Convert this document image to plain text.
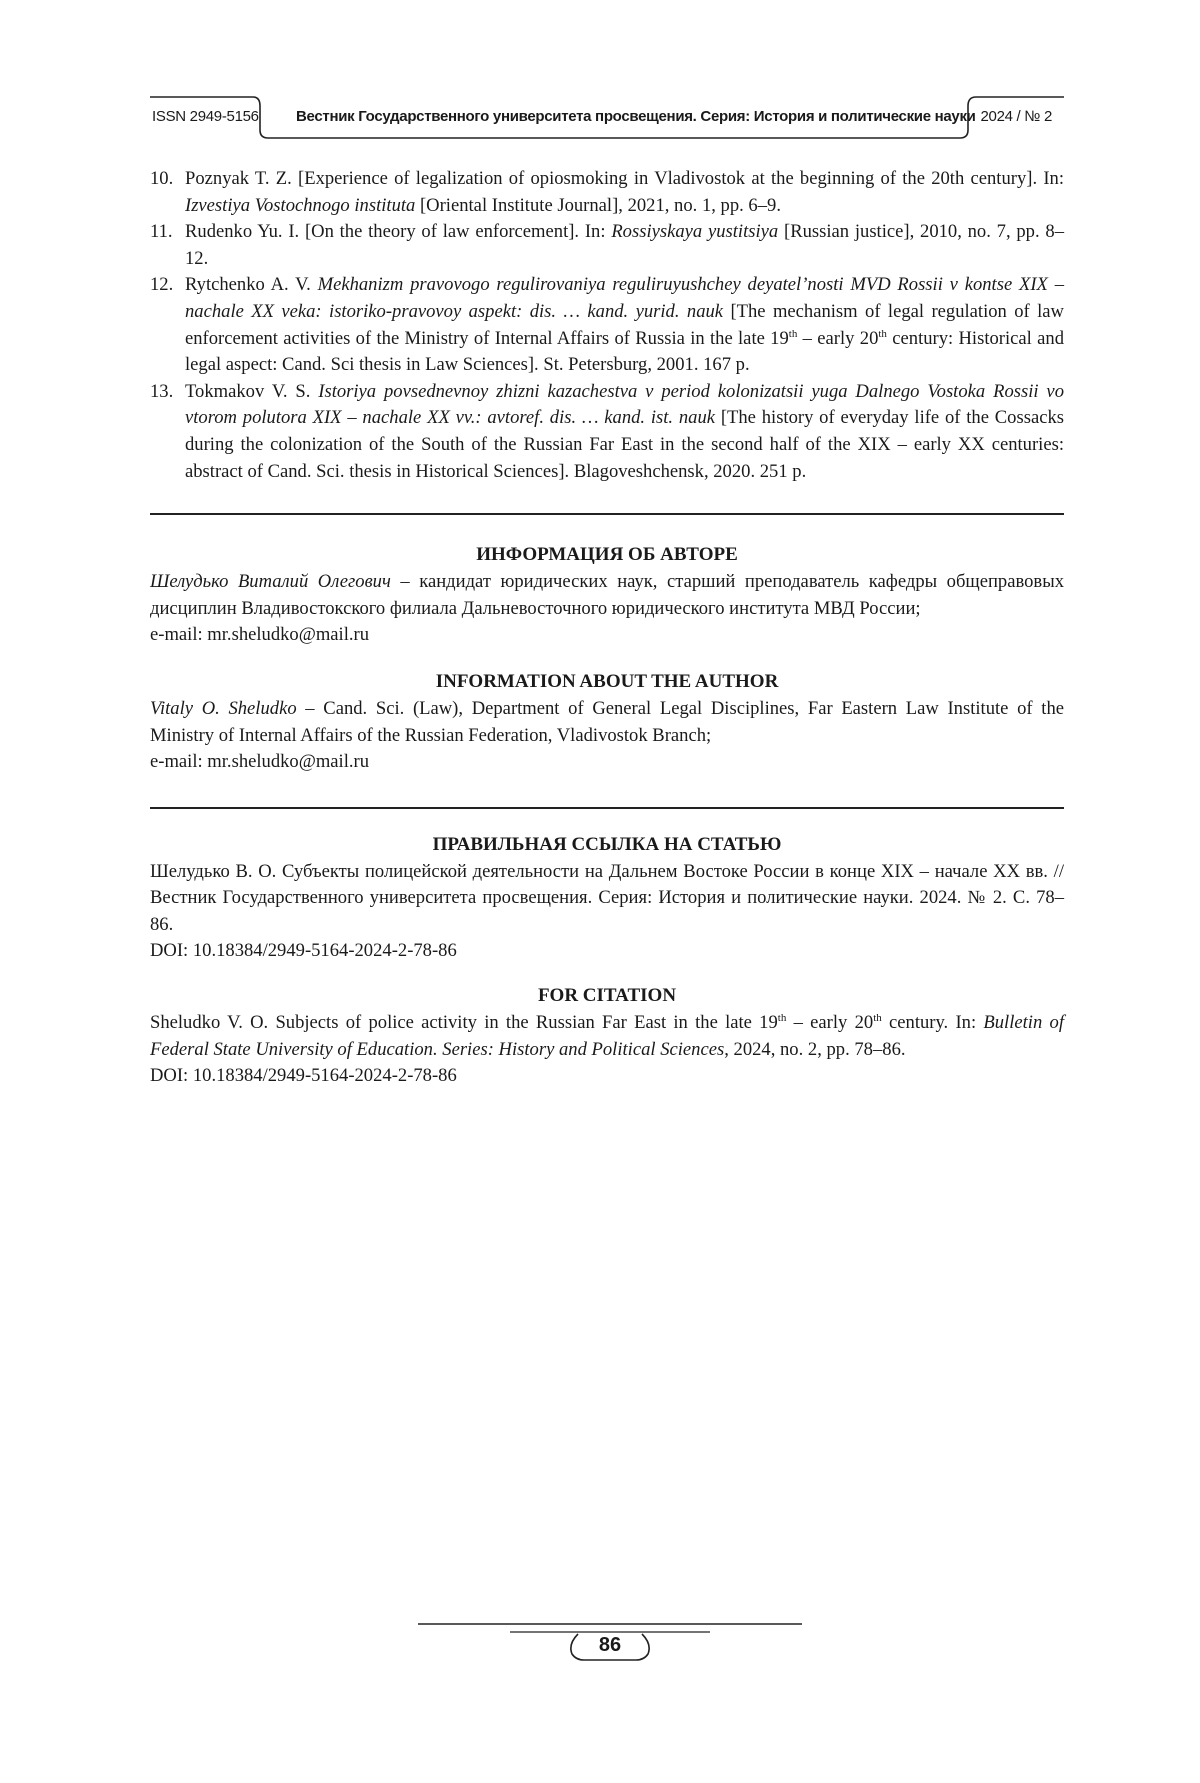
ISSN 2949-5156 Вестник Государственного университета просвещения. Серия: История и политические науки 2024 / № 2
10. Poznyak T. Z. [Experience of legalization of opiosmoking in Vladivostok at the beginning of the 20th century]. In: Izvestiya Vostochnogo instituta [Oriental Institute Journal], 2021, no. 1, pp. 6–9.
11. Rudenko Yu. I. [On the theory of law enforcement]. In: Rossiyskaya yustitsiya [Russian justice], 2010, no. 7, pp. 8–12.
12. Rytchenko A. V. Mekhanizm pravovogo regulirovaniya reguliruyushchey deyatel’nosti MVD Rossii v kontse XIX – nachale XX veka: istoriko-pravovoy aspekt: dis. … kand. yurid. nauk [The mechanism of legal regulation of law enforcement activities of the Ministry of Internal Affairs of Russia in the late 19th – early 20th century: Historical and legal aspect: Cand. Sci thesis in Law Sciences]. St. Petersburg, 2001. 167 p.
13. Tokmakov V. S. Istoriya povsednevnoy zhizni kazachestva v period kolonizatsii yuga Dalnego Vostoka Rossii vo vtorom polutora XIX – nachale XX vv.: avtoref. dis. … kand. ist. nauk [The history of everyday life of the Cossacks during the colonization of the South of the Russian Far East in the second half of the XIX – early XX centuries: abstract of Cand. Sci. thesis in Historical Sciences]. Blagoveshchensk, 2020. 251 p.
ИНФОРМАЦИЯ ОБ АВТОРЕ

Шелудько Виталий Олегович – кандидат юридических наук, старший преподаватель кафедры общеправовых дисциплин Владивостокского филиала Дальневосточного юридического института МВД России;

e-mail: mr.sheludko@mail.ru

INFORMATION ABOUT THE AUTHOR

Vitaly O. Sheludko – Cand. Sci. (Law), Department of General Legal Disciplines, Far Eastern Law Institute of the Ministry of Internal Affairs of the Russian Federation, Vladivostok Branch;

e-mail: mr.sheludko@mail.ru

ПРАВИЛЬНАЯ ССЫЛКА НА СТАТЬЮ

Шелудько В. О. Субъекты полицейской деятельности на Дальнем Востоке России в конце XIX – начале XX вв. // Вестник Государственного университета просвещения. Серия: История и политические науки. 2024. № 2. С. 78–86.

DOI: 10.18384/2949-5164-2024-2-78-86

FOR CITATION

Sheludko V. O. Subjects of police activity in the Russian Far East in the late 19th – early 20th century. In: Bulletin of Federal State University of Education. Series: History and Political Sciences, 2024, no. 2, pp. 78–86.

DOI: 10.18384/2949-5164-2024-2-78-86

86
